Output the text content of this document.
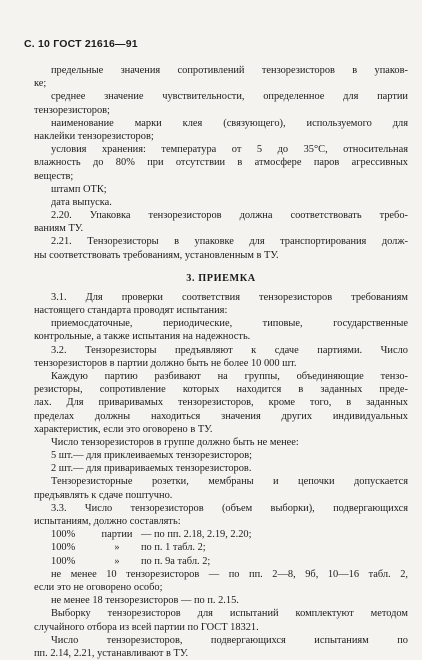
С. 10 ГОСТ 21616—91
предельные значения сопротивлений тензорезисторов в упаков-
ке;
среднее значение чувствительности, определенное для партии
тензорезисторов;
наименование марки клея (связующего), используемого для
наклейки тензорезисторов;
условия хранения: температура от 5 до 35°С, относительная
влажность до 80% при отсутствии в атмосфере паров агрессивных
веществ;
штамп ОТК;
дата выпуска.
2.20. Упаковка тензорезисторов должна соответствовать требо-
ваниям ТУ.
2.21. Тензорезисторы в упаковке для транспортирования долж-
ны соответствовать требованиям, установленным в ТУ.
3. ПРИЕМКА
3.1. Для проверки соответствия тензорезисторов требованиям
настоящего стандарта проводят испытания:
приемосдаточные, периодические, типовые, государственные
контрольные, а также испытания на надежность.
3.2. Тензорезисторы предъявляют к сдаче партиями. Число
тензорезисторов в партии должно быть не более 10 000 шт.
Каждую партию разбивают на группы, объединяющие тензо-
резисторы, сопротивление которых находится в заданных преде-
лах. Для приваривамых тензорезисторов, кроме того, в заданных
пределах должны находиться значения других индивидуальных
характеристик, если это оговорено в ТУ.
Число тензорезисторов в группе должно быть не менее:
5 шт.— для приклеиваемых тензорезисторов;
2 шт.— для привариваемых тензорезисторов.
Тензорезисторные розетки, мембраны и цепочки допускается
предъявлять к сдаче поштучно.
3.3. Число тензорезисторов (объем выборки), подвергающихся
испытаниям, должно составлять:
100%	партии — по пп. 2.18, 2.19, 2.20;
100%	»	по п. 1 табл. 2;
100%	»	по п. 9а табл. 2;
не менее 10 тензорезисторов — по пп. 2—8, 9б, 10—16 табл. 2,
если это не оговорено особо;
не менее 18 тензорезисторов — по п. 2.15.
Выборку тензорезисторов для испытаний комплектуют методом
случайного отбора из всей партии по ГОСТ 18321.
Число тензорезисторов, подвергающихся испытаниям по
пп. 2.14, 2.21, устанавливают в ТУ.
